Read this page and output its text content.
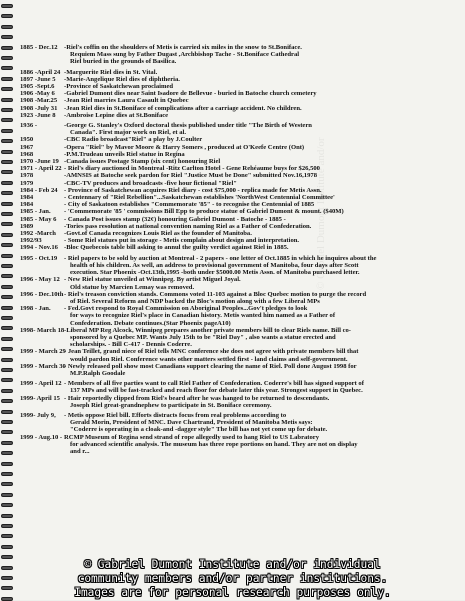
1885 - Dec.12 -Riel's coffin on the shoulders of Metis is carried six miles in the snow to St.Boniface.
Requiem Mass sung by Father Dugast ,Archbishop Tache - St.Boniface Cathedral
Riel buried in the grounds of Basilica.
1886 -April 24 -Marguerite Riel dies in St. Vital.
1897 -June 5	-Marie-Angelique Riel dies of diphtheria.
1905 -Sept.6	-Province of Saskatchewan proclaimed
1906 -May 6	-Gabriel Dumont dies near Saint Isadore de Bellevue - buried in Batoche church cemetery
1908 -Mar.25	-Jean Riel marries Laura Casault in Quebec
1908 -July 31	-Jean Riel dies in St.Boniface of complications after a carriage accident. No children.
1923 -June 8	-Ambroise Lepine dies at St.Boniface
1936 -	-George G. Stanley's Oxford doctoral thesis published under title "The Birth of Western
Canada". First major work on Riel, et al.
1950	-CBC Radio broadcast"Riel" a play by J.Coulter
1967	-Opera "Riel" by Mavor Moore & Harry Somers , produced at O'Keefe Centre (Ont)
1968	-P.M.Trudeau unveils Riel statue in Regina
1970 -June 19 -Canada issues Postage Stamp (six cent) honouring Riel
1971 - April 22 - Riel's diary auctioned in Montreal -Ritz Carlton Hotel - Gene Rehéaume buys for $26,500
1978	-AMNSIS at Batoche seek pardon for Riel "Justice Must be Done" submitted Nov.16,1978
1979	-CBC-TV produces and broadcasts -five hour fictional "Riel"
1984 - Feb 24 - Province of Saskatchewan acquires Riel diary - cost $75,000 - replica made for Metis Assn.
1984	- Centennary of "Riel Rebellion"...Saskatchewan establishes 'NorthWest Centennial Committee'
1984	- City of Saskatoon establishes "Commemorate '85" - to recognise the Centennial of 1885
1985 - Jan.	- 'Commemorate '85 ' commissions Bill Epp to produce statue of Gabriel Dumont & mount. ($40M)
1985 - May 6	- Canada Post issues stamp (32¢) honouring Gabriel Dumont - Batoche - 1885 -
1989	-Tories pass resolution at national convention naming Riel as a Father of Confederation.
1992 -March	-Govt.of Canada recognizes Louis Riel as the founder of Manitoba.
1992/93	- Some Riel statues put in storage - Metis complain about design and interpretation.
1994 - Nov.16 -Bloc Quebecois table bill asking to annul the guilty verdict against Riel in 1885.
1995 - Oct.19	- Riel papers to be sold by auction at Montreal - 2 papers - one letter of Oct.1885 in which he inquires about the
health of his children. As well, an address to provisional government of Manitoba, four days after Scott
execution. Star Phoenix -Oct.13th,1995 -both under $5000.00 Metis Assn. of Manitoba purchased letter.
1996 - May 12 - New Riel statue unveiled at Winnipeg. By artist Miguel Joyal.
Old statue by Marcien Lemay was removed.
1996 - Dec.10th - Riel's treason conviction stands. Commons voted 11-103 against a Bloc Quebec motion to purge the record
of Riel. Several Reform and NDP backed the Bloc's motion along with a few Liberal MPs
1998 - Jan.	- Fed.Govt respond to Royal Commission on Aboriginal Peoples...Gov't pledges to look
for ways to recognize Riel's place in Canadian history. Metis wanted him named as a Father of
Confederation. Debate continues.(Star Phoenix pageA10)
1998- March 18 -Liberal MP Reg Alcock, Winnipeg prepares another private members bill to clear Riels name. Bill co-
sponsored by a Quebec MP. Wants July 15th to be "Riel Day" , also wants a statue erected and
scholarships. - Bill C-417 - Dennis Coderre.
1999 - March 29
- Jean Teillet, grand niece of Riel tells MNC conference she does not agree with private members bill that
would pardon Riel. Conference wants other matters settled first - land claims and self-government.
1999 - March 30
- Newly released poll show most Canadians support clearing the name of Riel. Poll done August 1998 for
M.P.Ralph Goodale
1999 - April 12 - Members of all five parties want to call Riel Father of Confederation. Coderre's bill has signed support of
137 MPs and will be fast-tracked and reach floor for debate later this year. Strongest support in Quebec.
1999- April 15 - Hair reportedly clipped from Riel's beard after he was hanged to be returned to descendants.
Joseph Riel great-grandnephew to participate in St. Boniface ceremony.
1999- July 9,	- Metis oppose Riel bill. Efforts distracts focus from real problems according to
Gerald Morin, President of MNC. Dave Chartrand, President of Manitoba Metis says:
"Coderre is operating in a cloak-and -dagger style" The bill has not yet come up for debate.
1999 - Aug.10 - RCMP Museum of Regina send strand of rope allegedly used to hang Riel to US Labratory
for advanced scientific analysis. The museum has three rope portions on hand. They are not on display
and r...
© Gabriel Dumont Institute and/or
© Gabriel Dumont Institute and/or individual
community members and/or partner institutions.
Images are for personal research purposes only.
